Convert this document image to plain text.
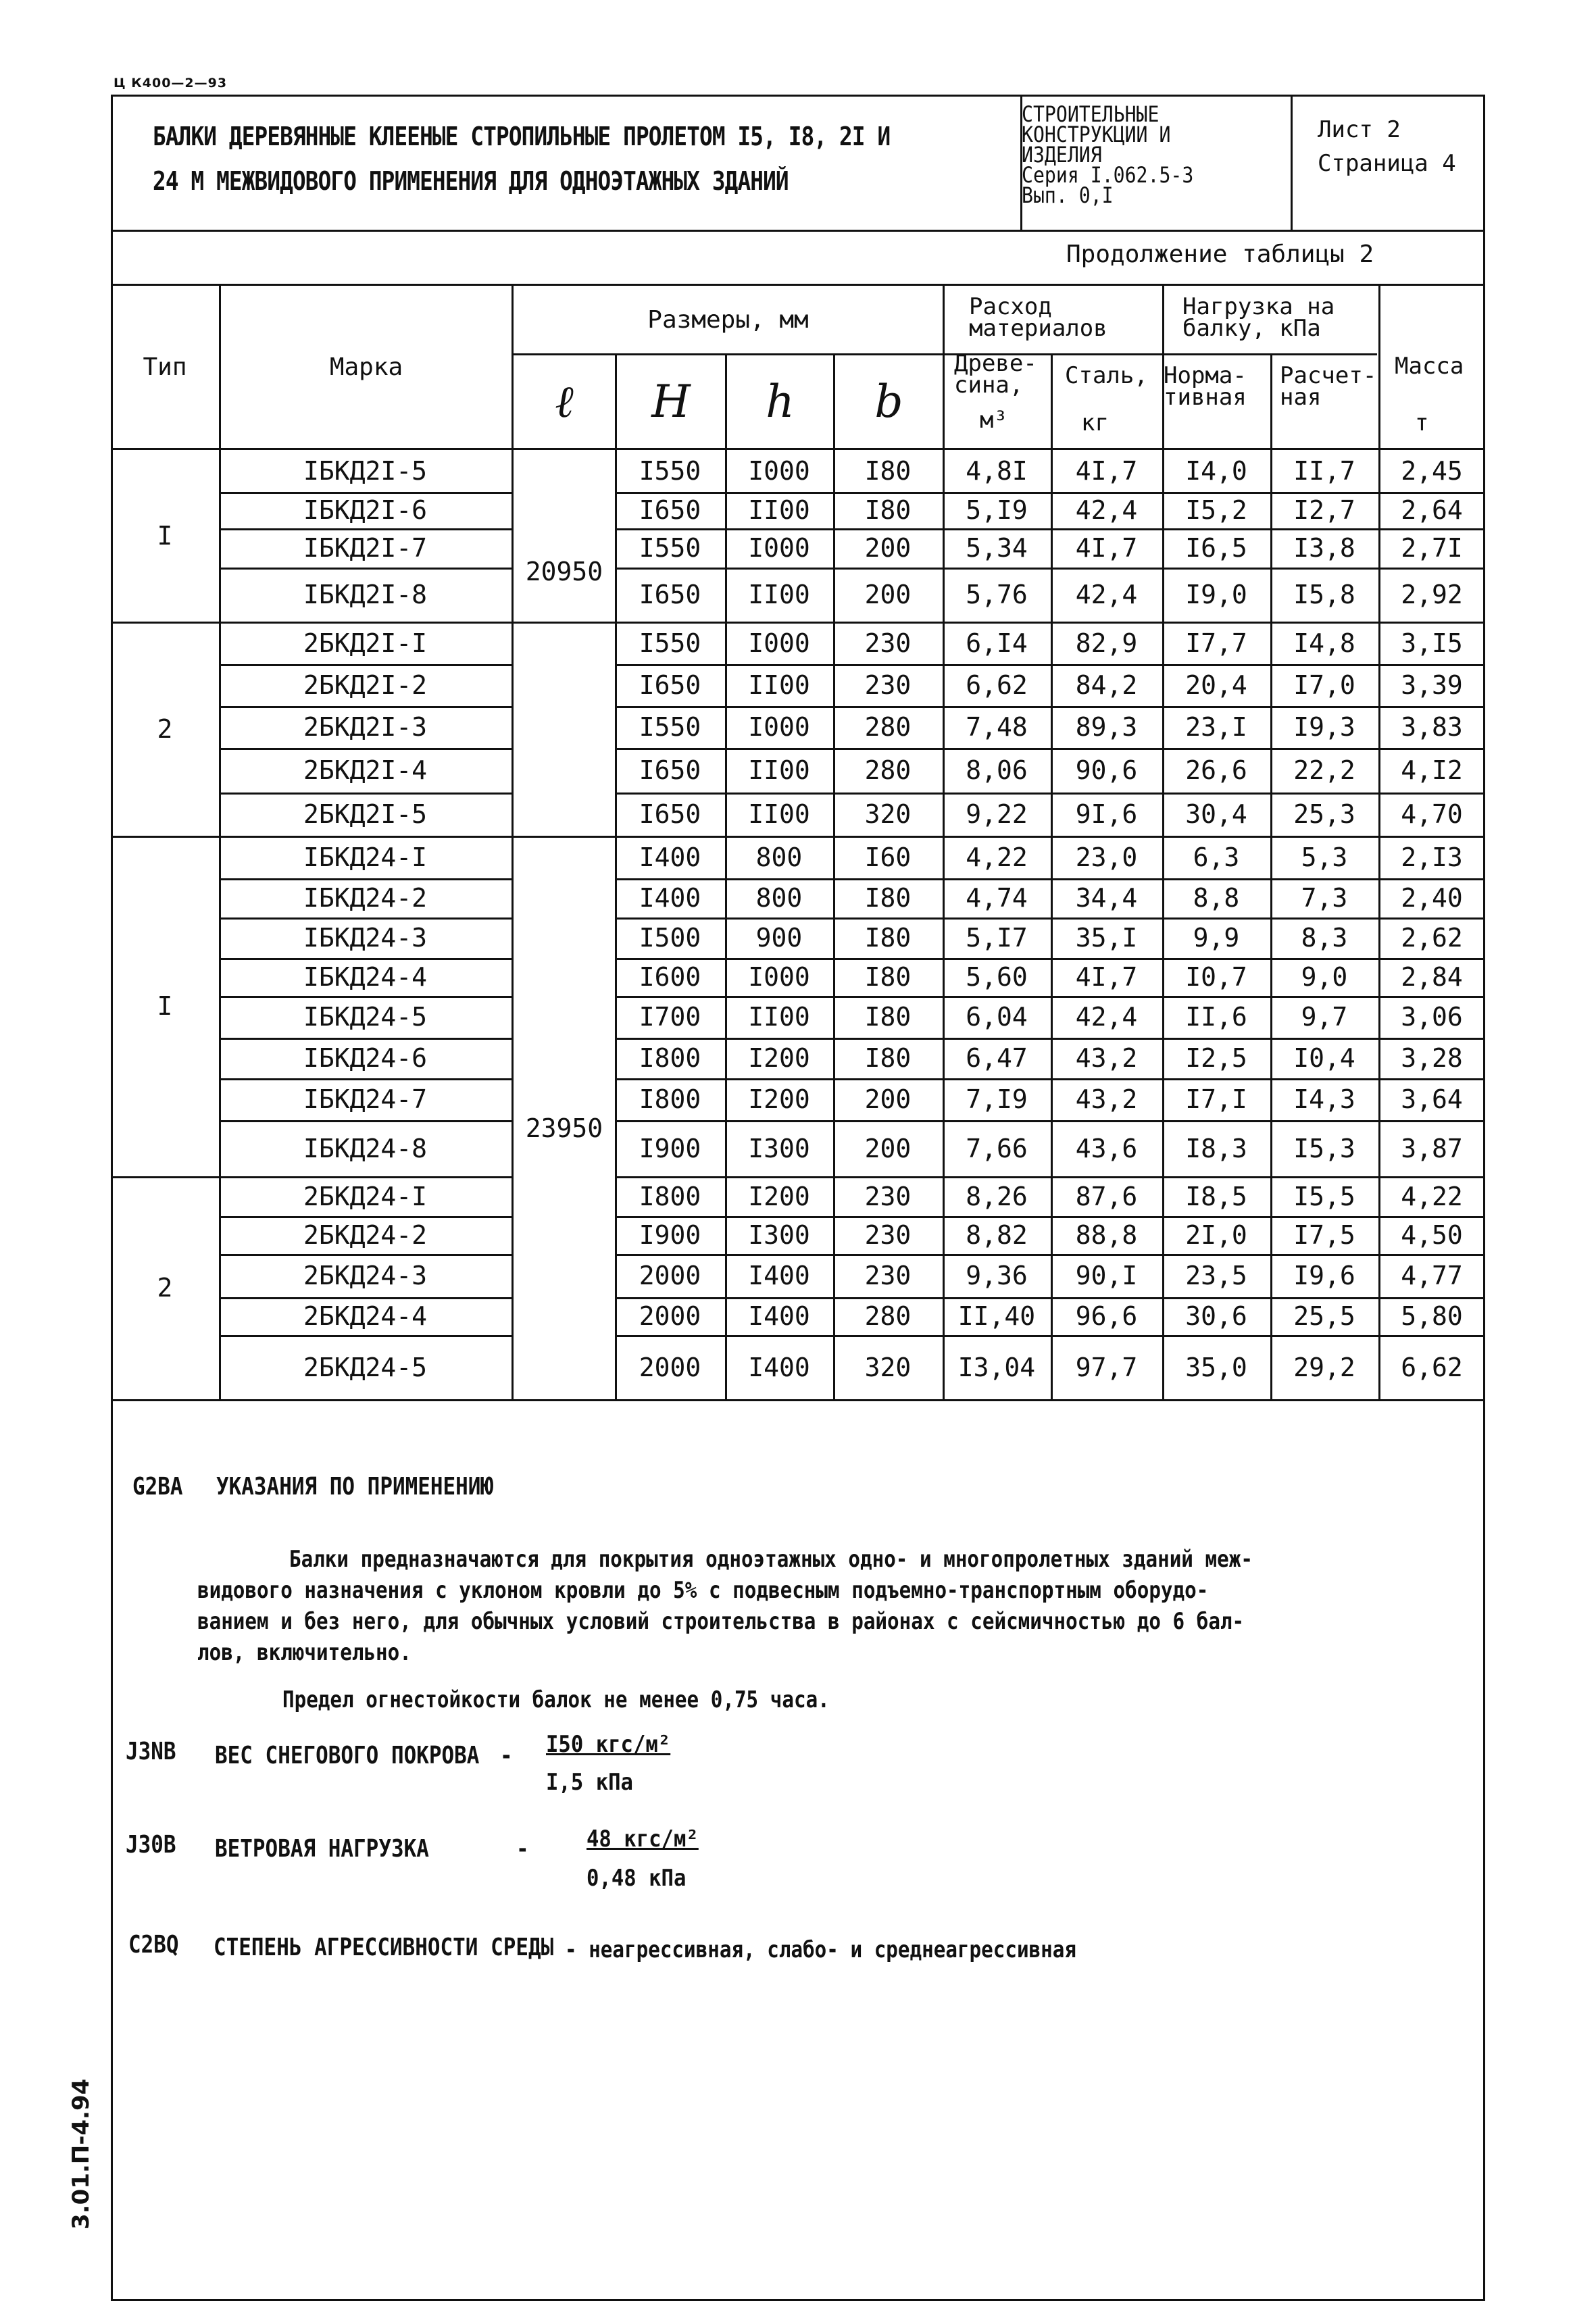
Ц К400—2—93
БАЛКИ ДЕРЕВЯННЫЕ КЛЕЕНЫЕ СТРОПИЛЬНЫЕ ПРОЛЕТОМ I5, I8, 2I И
24 М МЕЖВИДОВОГО ПРИМЕНЕНИЯ ДЛЯ ОДНОЭТАЖНЫХ ЗДАНИЙ
СТРОИТЕЛЬНЫЕ
КОНСТРУКЦИИ И
ИЗДЕЛИЯ
Серия I.062.5-3
Вып. 0,I
Лист 2
Страница 4
Продолжение таблицы 2
Тип	Марка
Размеры, мм
ℓ	H	h	b
Расход
материалов
Древе-
сина,
м³
Сталь,
кг
Нагрузка на
балку, кПа
Норма-
тивная
Расчет-
ная
Масса
т
IБКД2I-5	I550	I000	I80	4,8I	4I,7	I4,0	II,7	2,45
IБКД2I-6	I650	II00	I80	5,I9	42,4	I5,2	I2,7	2,64
IБКД2I-7	I550	I000	200	5,34	4I,7	I6,5	I3,8	2,7I
IБКД2I-8	I650	II00	200	5,76	42,4	I9,0	I5,8	2,92
2БКД2I-I	I550	I000	230	6,I4	82,9	I7,7	I4,8	3,I5
2БКД2I-2	I650	II00	230	6,62	84,2	20,4	I7,0	3,39
2БКД2I-3	I550	I000	280	7,48	89,3	23,I	I9,3	3,83
2БКД2I-4	I650	II00	280	8,06	90,6	26,6	22,2	4,I2
2БКД2I-5	I650	II00	320	9,22	9I,6	30,4	25,3	4,70
IБКД24-I	I400	800	I60	4,22	23,0	6,3	5,3	2,I3
IБКД24-2	I400	800	I80	4,74	34,4	8,8	7,3	2,40
IБКД24-3	I500	900	I80	5,I7	35,I	9,9	8,3	2,62
IБКД24-4	I600	I000	I80	5,60	4I,7	I0,7	9,0	2,84
IБКД24-5	I700	II00	I80	6,04	42,4	II,6	9,7	3,06
IБКД24-6	I800	I200	I80	6,47	43,2	I2,5	I0,4	3,28
IБКД24-7	I800	I200	200	7,I9	43,2	I7,I	I4,3	3,64
IБКД24-8	I900	I300	200	7,66	43,6	I8,3	I5,3	3,87
2БКД24-I	I800	I200	230	8,26	87,6	I8,5	I5,5	4,22
2БКД24-2	I900	I300	230	8,82	88,8	2I,0	I7,5	4,50
2БКД24-3	2000	I400	230	9,36	90,I	23,5	I9,6	4,77
2БКД24-4	2000	I400	280	II,40	96,6	30,6	25,5	5,80
2БКД24-5	2000	I400	320	I3,04	97,7	35,0	29,2	6,62
I
2
I
2
20950
23950
G2BA УКАЗАНИЯ ПО ПРИМЕНЕНИЮ
Балки предназначаются для покрытия одноэтажных одно- и многопролетных зданий меж-
видового назначения с уклоном кровли до 5% с подвесным подъемно-транспортным оборудо-
ванием и без него, для обычных условий строительства в районах с сейсмичностью до 6 бал-
лов, включительно.
Предел огнестойкости балок не менее 0,75 часа.
J3NB ВЕС СНЕГОВОГО ПОКРОВА - I50 кгс/м²
I,5 кПа
J30B ВЕТРОВАЯ НАГРУЗКА	-	48 кгс/м²
0,48 кПа
C2BQ СТЕПЕНЬ АГРЕССИВНОСТИ СРЕДЫ - неагрессивная, слабо- и среднеагрессивная
3.01.П-4.94
